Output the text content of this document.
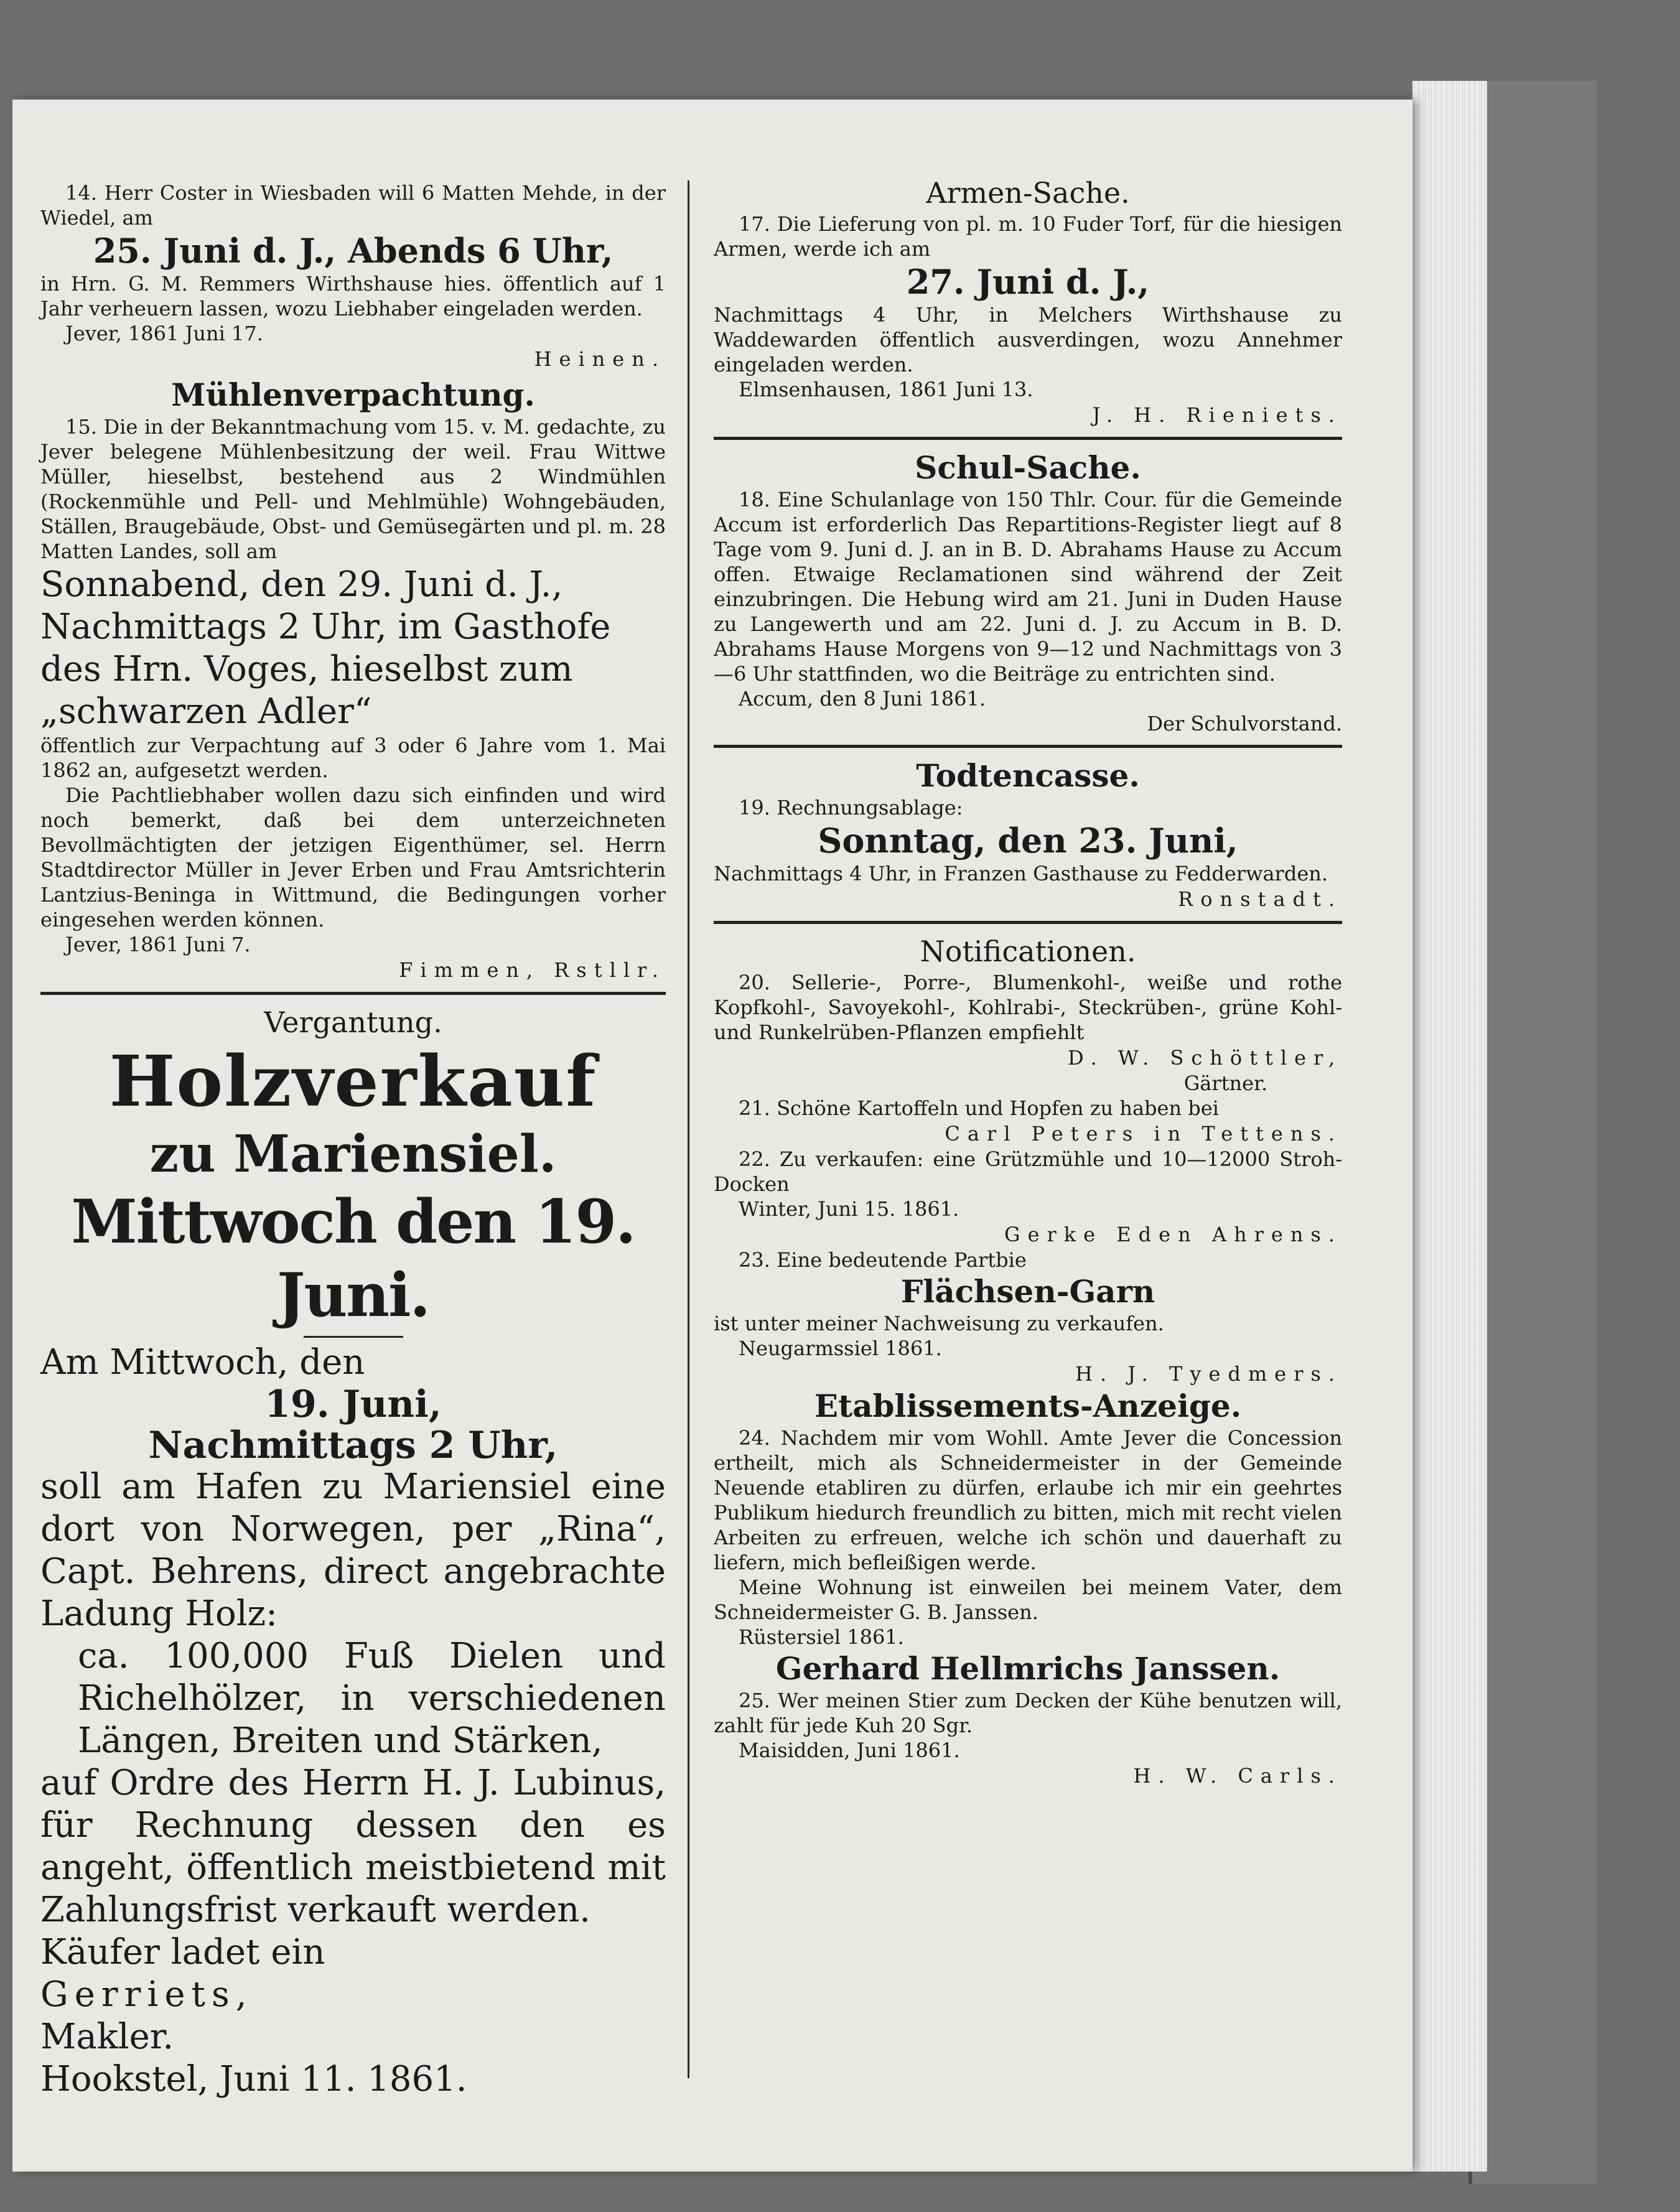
14. Herr Coster in Wiesbaden will 6 Matten Mehde, in der Wiedel, am

25. Juni d. J., Abends 6 Uhr,

in Hrn. G. M. Remmers Wirthshause hies. öffentlich auf 1 Jahr verheuern lassen, wozu Liebhaber eingeladen werden.

Jever, 1861 Juni 17.

Heinen.

Mühlenverpachtung.

15. Die in der Bekanntmachung vom 15. v. M. gedachte, zu Jever belegene Mühlenbesitzung der weil. Frau Wittwe Müller, hieselbst, bestehend aus 2 Windmühlen (Rockenmühle und Pell- und Mehlmühle) Wohngebäuden, Ställen, Braugebäude, Obst- und Gemüsegärten und pl. m. 28 Matten Landes, soll am

Sonnabend, den 29. Juni d. J.,

Nachmittags 2 Uhr, im Gasthofe

des Hrn. Voges, hieselbst zum

„schwarzen Adler“

öffentlich zur Verpachtung auf 3 oder 6 Jahre vom 1. Mai 1862 an, aufgesetzt werden.

Die Pachtliebhaber wollen dazu sich einfinden und wird noch bemerkt, daß bei dem unterzeichneten Bevollmächtigten der jetzigen Eigenthümer, sel. Herrn Stadtdirector Müller in Jever Erben und Frau Amtsrichterin Lantzius-Beninga in Wittmund, die Bedingungen vorher eingesehen werden können.

Jever, 1861 Juni 7.

Fimmen, Rstllr.

Vergantung.

Holzverkauf

zu Mariensiel.

Mittwoch den 19. Juni.

Am Mittwoch, den

19. Juni,

Nachmittags 2 Uhr,

soll am Hafen zu Mariensiel eine dort von Norwegen, per „Rina“, Capt. Behrens, direct angebrachte Ladung Holz:

ca. 100,000 Fuß Dielen und Richelhölzer, in verschiedenen Längen, Breiten und Stärken,

auf Ordre des Herrn H. J. Lubinus, für Rechnung dessen den es angeht, öffentlich meistbietend mit Zahlungsfrist verkauft werden.

Käufer ladet ein

Gerriets,

Makler.

Hookstel, Juni 11. 1861.

Armen-Sache.

17. Die Lieferung von pl. m. 10 Fuder Torf, für die hiesigen Armen, werde ich am

27. Juni d. J.,

Nachmittags 4 Uhr, in Melchers Wirthshause zu Waddewarden öffentlich ausverdingen, wozu Annehmer eingeladen werden.

Elmsenhausen, 1861 Juni 13.

J. H. Rieniets.

Schul-Sache.

18. Eine Schulanlage von 150 Thlr. Cour. für die Gemeinde Accum ist erforderlich Das Repartitions-Register liegt auf 8 Tage vom 9. Juni d. J. an in B. D. Abrahams Hause zu Accum offen. Etwaige Reclamationen sind während der Zeit einzubringen. Die Hebung wird am 21. Juni in Duden Hause zu Langewerth und am 22. Juni d. J. zu Accum in B. D. Abrahams Hause Morgens von 9—12 und Nachmittags von 3—6 Uhr stattfinden, wo die Beiträge zu entrichten sind.

Accum, den 8 Juni 1861.

Der Schulvorstand.

Todtencasse.

19. Rechnungsablage:

Sonntag, den 23. Juni,

Nachmittags 4 Uhr, in Franzen Gasthause zu Fedderwarden.

Ronstadt.

Notificationen.

20. Sellerie-, Porre-, Blumenkohl-, weiße und rothe Kopfkohl-, Savoyekohl-, Kohlrabi-, Steckrüben-, grüne Kohl- und Runkelrüben-Pflanzen empfiehlt

D. W. Schöttler,

Gärtner.

21. Schöne Kartoffeln und Hopfen zu haben bei

Carl Peters in Tettens.

22. Zu verkaufen: eine Grützmühle und 10—12000 Stroh-Docken

Winter, Juni 15. 1861.

Gerke Eden Ahrens.

23. Eine bedeutende Partbie

Flächsen-Garn

ist unter meiner Nachweisung zu verkaufen.

Neugarmssiel 1861.

H. J. Tyedmers.

Etablissements-Anzeige.

24. Nachdem mir vom Wohll. Amte Jever die Concession ertheilt, mich als Schneidermeister in der Gemeinde Neuende etabliren zu dürfen, erlaube ich mir ein geehrtes Publikum hiedurch freundlich zu bitten, mich mit recht vielen Arbeiten zu erfreuen, welche ich schön und dauerhaft zu liefern, mich befleißigen werde.

Meine Wohnung ist einweilen bei meinem Vater, dem Schneidermeister G. B. Janssen.

Rüstersiel 1861.

Gerhard Hellmrichs Janssen.

25. Wer meinen Stier zum Decken der Kühe benutzen will, zahlt für jede Kuh 20 Sgr.

Maisidden, Juni 1861.

H. W. Carls.
